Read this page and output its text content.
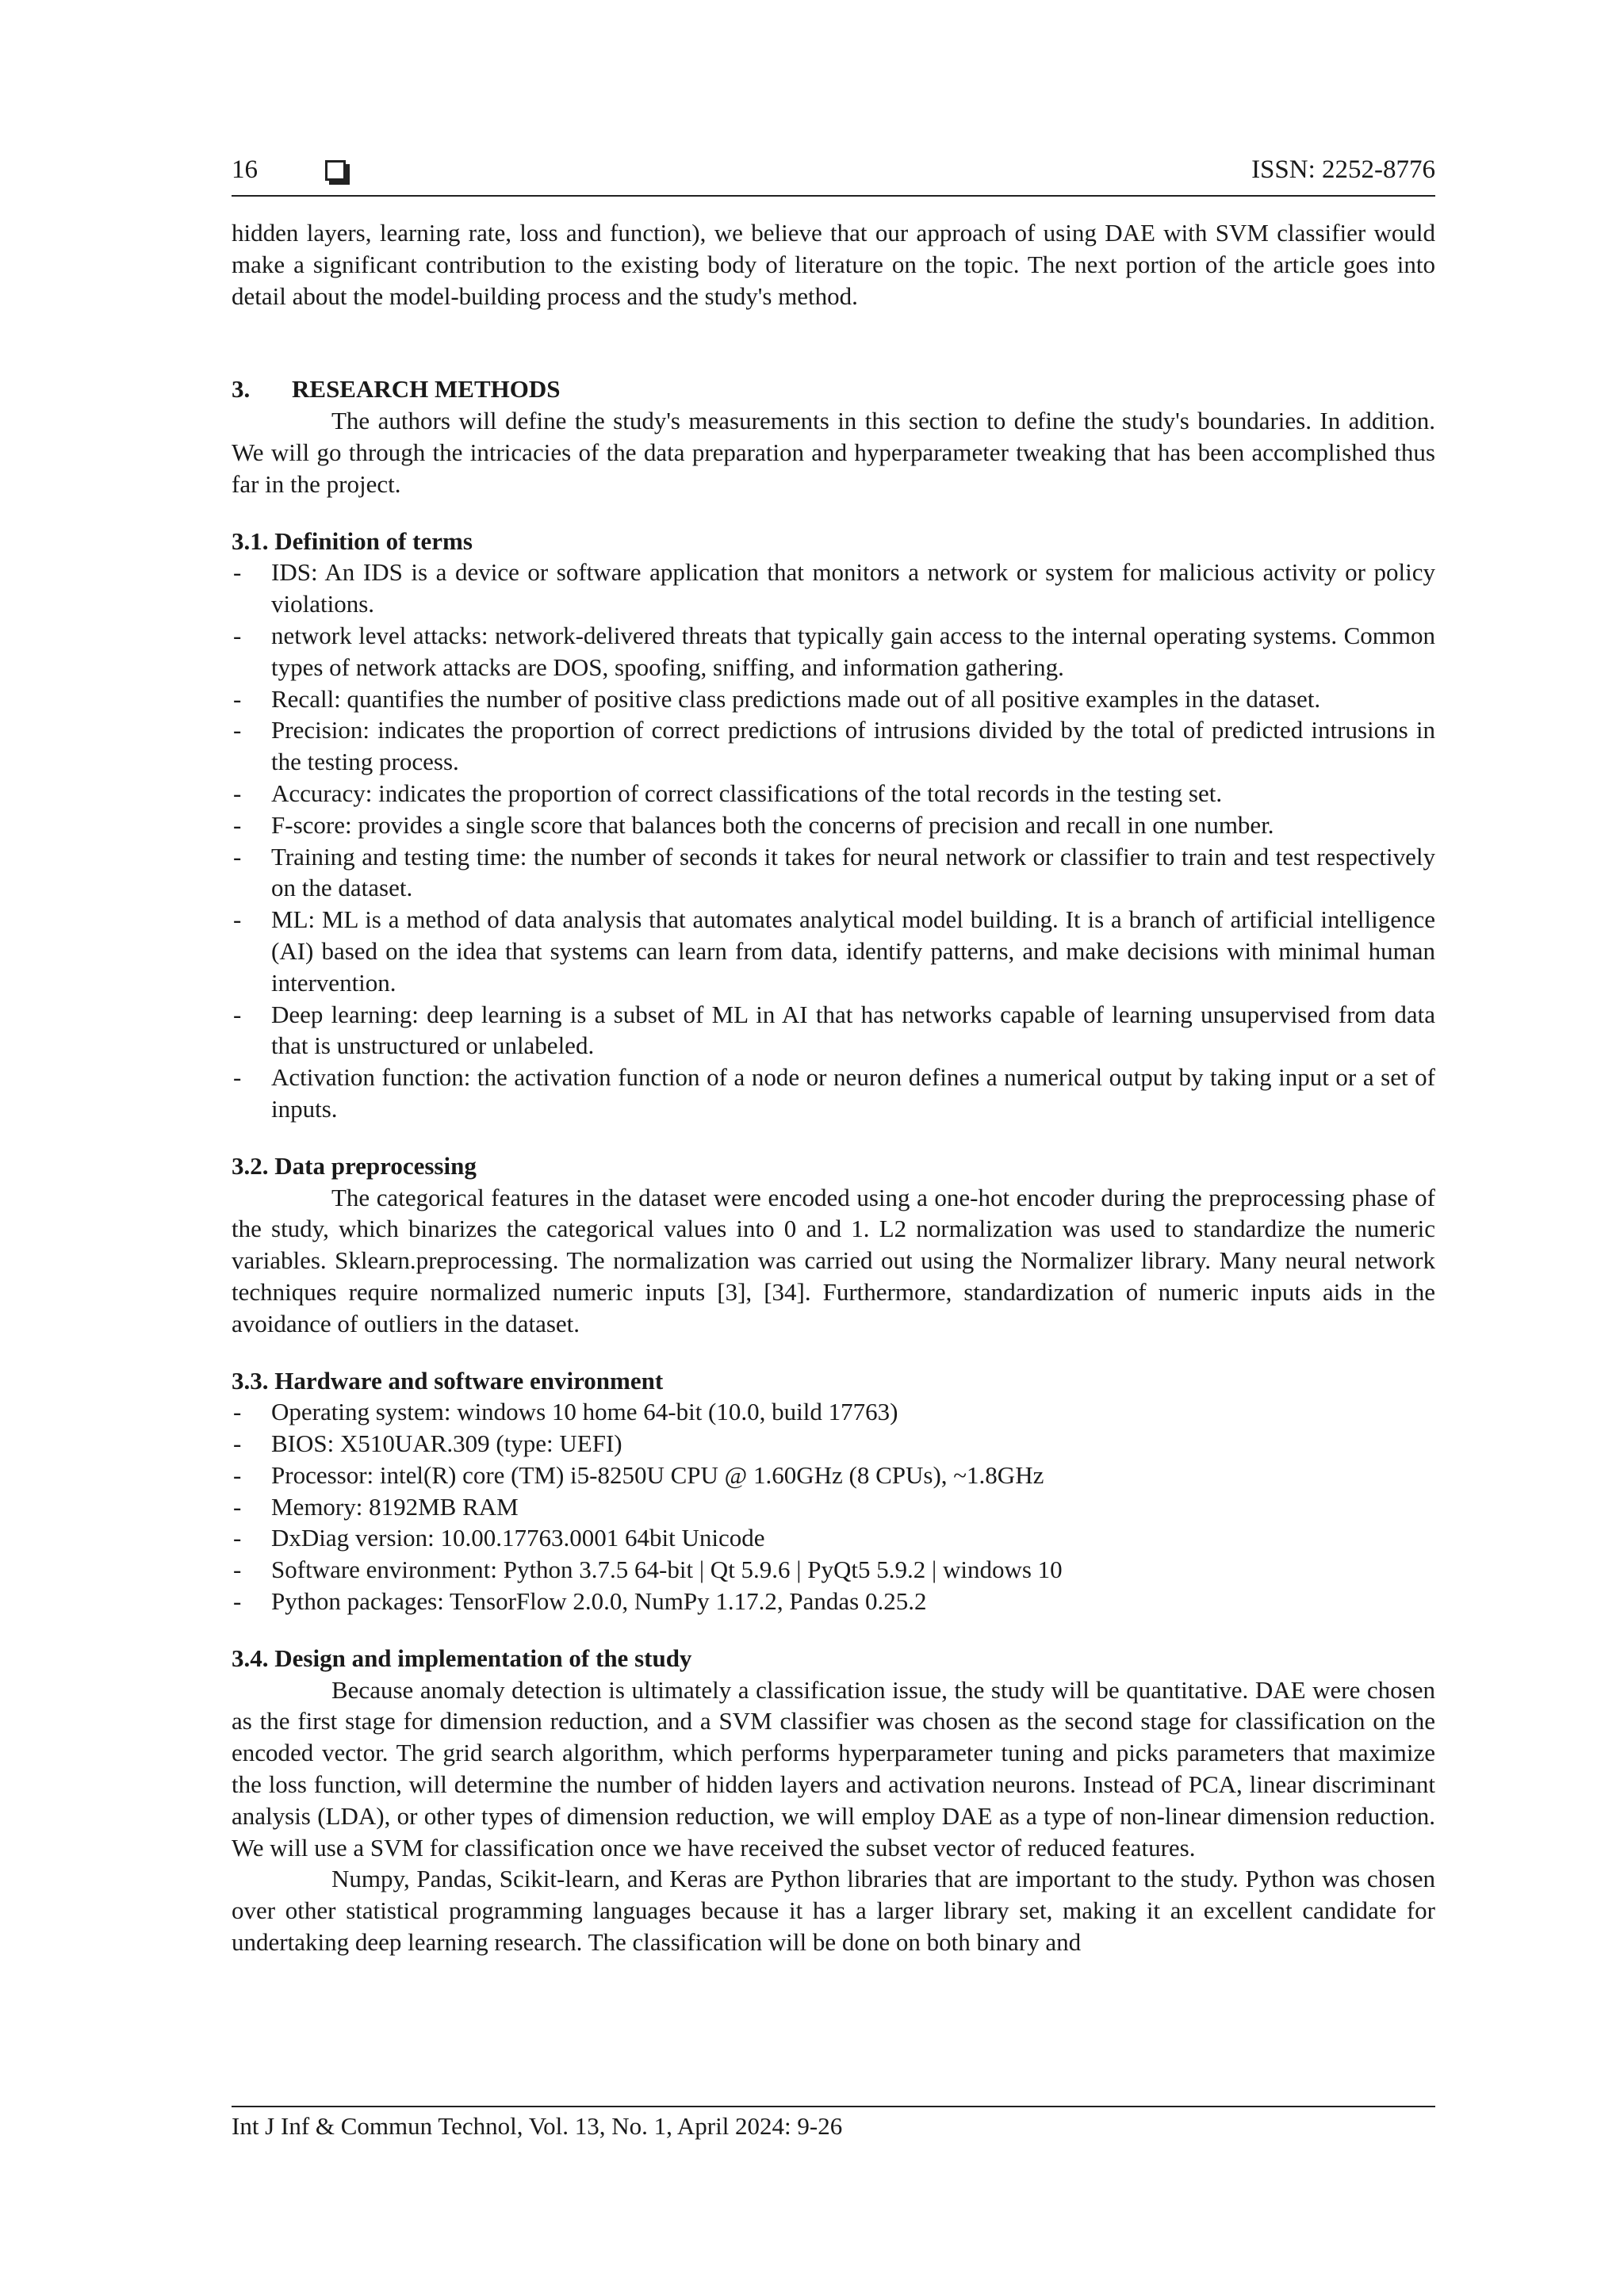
16	ISSN: 2252-8776

hidden layers, learning rate, loss and function), we believe that our approach of using DAE with SVM classifier would make a significant contribution to the existing body of literature on the topic. The next portion of the article goes into detail about the model-building process and the study's method.

3.	RESEARCH METHODS

The authors will define the study's measurements in this section to define the study's boundaries. In addition. We will go through the intricacies of the data preparation and hyperparameter tweaking that has been accomplished thus far in the project.

3.1. Definition of terms
- IDS: An IDS is a device or software application that monitors a network or system for malicious activity or policy violations.
- network level attacks: network-delivered threats that typically gain access to the internal operating systems. Common types of network attacks are DOS, spoofing, sniffing, and information gathering.
- Recall: quantifies the number of positive class predictions made out of all positive examples in the dataset.
- Precision: indicates the proportion of correct predictions of intrusions divided by the total of predicted intrusions in the testing process.
- Accuracy: indicates the proportion of correct classifications of the total records in the testing set.
- F-score: provides a single score that balances both the concerns of precision and recall in one number.
- Training and testing time: the number of seconds it takes for neural network or classifier to train and test respectively on the dataset.
- ML: ML is a method of data analysis that automates analytical model building. It is a branch of artificial intelligence (AI) based on the idea that systems can learn from data, identify patterns, and make decisions with minimal human intervention.
- Deep learning: deep learning is a subset of ML in AI that has networks capable of learning unsupervised from data that is unstructured or unlabeled.
- Activation function: the activation function of a node or neuron defines a numerical output by taking input or a set of inputs.
3.2. Data preprocessing

The categorical features in the dataset were encoded using a one-hot encoder during the preprocessing phase of the study, which binarizes the categorical values into 0 and 1. L2 normalization was used to standardize the numeric variables. Sklearn.preprocessing. The normalization was carried out using the Normalizer library. Many neural network techniques require normalized numeric inputs [3], [34]. Furthermore, standardization of numeric inputs aids in the avoidance of outliers in the dataset.

3.3. Hardware and software environment
- Operating system: windows 10 home 64-bit (10.0, build 17763)
- BIOS: X510UAR.309 (type: UEFI)
- Processor: intel(R) core (TM) i5-8250U CPU @ 1.60GHz (8 CPUs), ~1.8GHz
- Memory: 8192MB RAM
- DxDiag version: 10.00.17763.0001 64bit Unicode
- Software environment: Python 3.7.5 64-bit | Qt 5.9.6 | PyQt5 5.9.2 | windows 10
- Python packages: TensorFlow 2.0.0, NumPy 1.17.2, Pandas 0.25.2
3.4. Design and implementation of the study

Because anomaly detection is ultimately a classification issue, the study will be quantitative. DAE were chosen as the first stage for dimension reduction, and a SVM classifier was chosen as the second stage for classification on the encoded vector. The grid search algorithm, which performs hyperparameter tuning and picks parameters that maximize the loss function, will determine the number of hidden layers and activation neurons. Instead of PCA, linear discriminant analysis (LDA), or other types of dimension reduction, we will employ DAE as a type of non-linear dimension reduction. We will use a SVM for classification once we have received the subset vector of reduced features.

Numpy, Pandas, Scikit-learn, and Keras are Python libraries that are important to the study. Python was chosen over other statistical programming languages because it has a larger library set, making it an excellent candidate for undertaking deep learning research. The classification will be done on both binary and

Int J Inf & Commun Technol, Vol. 13, No. 1, April 2024: 9-26
